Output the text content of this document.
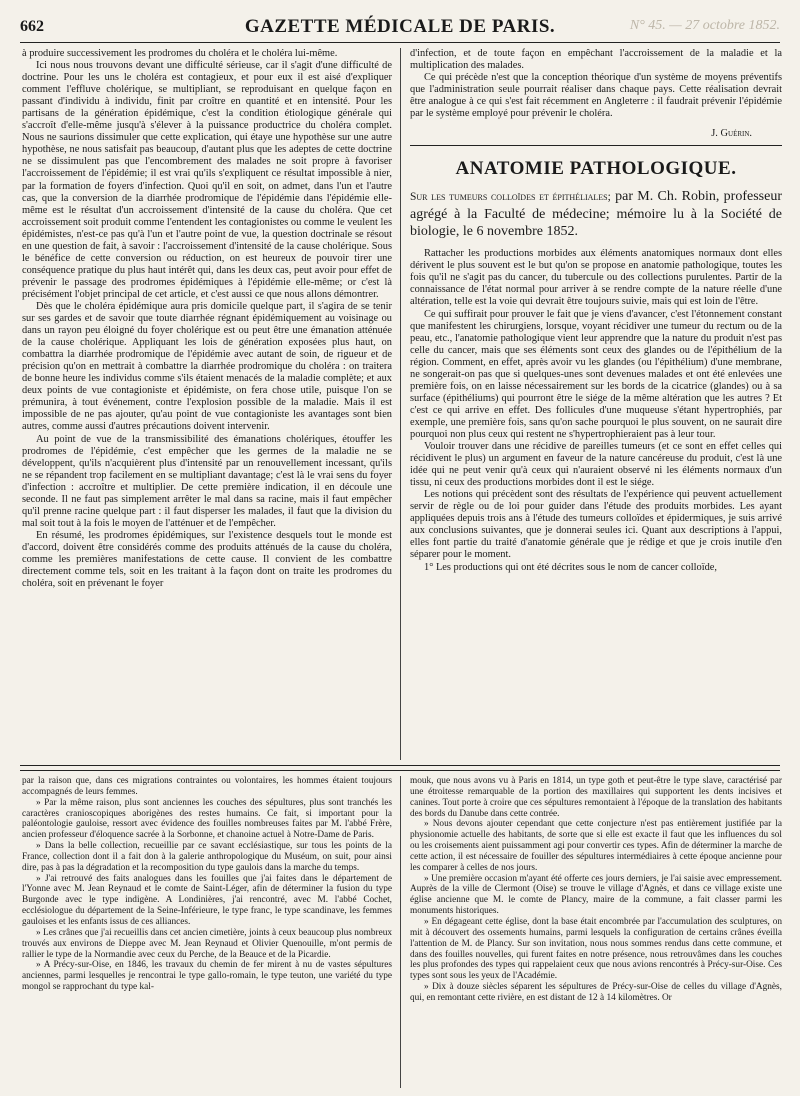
662	GAZETTE MÉDICALE DE PARIS.	N° 45. — 27 octobre 1852.

à produire successivement les prodromes du choléra et le choléra lui-même.

Ici nous nous trouvons devant une difficulté sérieuse, car il s'agit d'une difficulté de doctrine. Pour les uns le choléra est contagieux, et pour eux il est aisé d'expliquer comment l'effluve cholérique, se multipliant, se reproduisant en quelque façon en passant d'individu à individu, finit par croître en quantité et en intensité. Pour les partisans de la génération épidémique, c'est la condition étiologique générale qui s'accroît d'elle-même jusqu'à s'élever à la puissance productrice du choléra complet. Nous ne saurions dissimuler que cette explication, qui étaye une hypothèse sur une autre hypothèse, ne nous satisfait pas beaucoup, d'autant plus que les adeptes de cette doctrine ne se dissimulent pas que l'encombrement des malades ne soit propre à favoriser l'accroissement de l'épidémie; il est vrai qu'ils s'expliquent ce résultat impossible à nier, par la formation de foyers d'infection. Quoi qu'il en soit, on admet, dans l'un et l'autre cas, que la conversion de la diarrhée prodromique de l'épidémie dans l'épidémie elle-même est le résultat d'un accroissement d'intensité de la cause du choléra. Que cet accroissement soit produit comme l'entendent les contagionistes ou comme le veulent les épidémistes, n'est-ce pas qu'à l'un et l'autre point de vue, la question doctrinale se résout en une question de fait, à savoir : l'accroissement d'intensité de la cause cholérique. Sous le bénéfice de cette conversion ou réduction, on est heureux de pouvoir tirer une conséquence pratique du plus haut intérêt qui, dans les deux cas, peut avoir pour effet de prévenir le passage des prodromes épidémiques à l'épidémie elle-même; or c'est là précisément l'objet principal de cet article, et c'est aussi ce que nous allons démontrer.

Dès que le choléra épidémique aura pris domicile quelque part, il s'agira de se tenir sur ses gardes et de savoir que toute diarrhée régnant épidémiquement au voisinage ou dans un rayon peu éloigné du foyer cholérique est ou peut être une émanation atténuée de la cause cholérique. Appliquant les lois de génération exposées plus haut, on combattra la diarrhée prodromique de l'épidémie avec autant de soin, de rigueur et de précision qu'on en mettrait à combattre la diarrhée prodromique du choléra : on traitera de bonne heure les individus comme s'ils étaient menacés de la maladie complète; et aux deux points de vue contagioniste et épidémiste, on fera chose utile, puisque l'on se prémunira, à tout événement, contre l'explosion possible de la maladie. Mais il est impossible de ne pas ajouter, qu'au point de vue contagioniste les avantages sont bien autres, comme aussi d'autres précautions doivent intervenir.

Au point de vue de la transmissibilité des émanations cholériques, étouffer les prodromes de l'épidémie, c'est empêcher que les germes de la maladie ne se développent, qu'ils n'acquièrent plus d'intensité par un renouvellement incessant, qu'ils ne se répandent trop facilement en se multipliant davantage; c'est là le vrai sens du foyer d'infection : accroître et multiplier. De cette première indication, il en découle une seconde. Il ne faut pas simplement arrêter le mal dans sa racine, mais il faut empêcher qu'il prenne racine quelque part : il faut disperser les malades, il faut que la division du mal soit tout à la fois le moyen de l'atténuer et de l'empêcher.

En résumé, les prodromes épidémiques, sur l'existence desquels tout le monde est d'accord, doivent être considérés comme des produits atténués de la cause du choléra, comme les premières manifestations de cette cause. Il convient de les combattre directement comme tels, soit en les traitant à la façon dont on traite les prodromes du choléra, soit en prévenant le foyer

d'infection, et de toute façon en empêchant l'accroissement de la maladie et la multiplication des malades.

Ce qui précède n'est que la conception théorique d'un système de moyens préventifs que l'administration seule pourrait réaliser dans chaque pays. Cette réalisation devrait être analogue à ce qui s'est fait récemment en Angleterre : il faudrait prévenir l'épidémie par le système employé pour prévenir le choléra.

J. Guérin.
ANATOMIE PATHOLOGIQUE.
Sur les tumeurs colloïdes et épithéliales; par M. Ch. Robin, professeur agrégé à la Faculté de médecine; mémoire lu à la Société de biologie, le 6 novembre 1852.

Rattacher les productions morbides aux éléments anatomiques normaux dont elles dérivent le plus souvent est le but qu'on se propose en anatomie pathologique, toutes les fois qu'il ne s'agit pas du cancer, du tubercule ou des collections purulentes. Partir de la connaissance de l'état normal pour arriver à se rendre compte de la nature réelle d'une altération, telle est la voie qui devrait être toujours suivie, mais qui est loin de l'être.

Ce qui suffirait pour prouver le fait que je viens d'avancer, c'est l'étonnement constant que manifestent les chirurgiens, lorsque, voyant récidiver une tumeur du rectum ou de la peau, etc., l'anatomie pathologique vient leur apprendre que la nature du produit n'est pas celle du cancer, mais que ses éléments sont ceux des glandes ou de l'épithélium de la région. Comment, en effet, après avoir vu les glandes (ou l'épithélium) d'une membrane, ne songerait-on pas que si quelques-unes sont devenues malades et ont été enlevées une première fois, on en laisse nécessairement sur les bords de la cicatrice (glandes) ou à sa surface (épithéliums) qui pourront être le siége de la même altération que les autres ? Et c'est ce qui arrive en effet. Des follicules d'une muqueuse s'étant hypertrophiés, par exemple, une première fois, sans qu'on sache pourquoi le plus souvent, on ne saurait dire pourquoi non plus ceux qui restent ne s'hypertrophieraient pas à leur tour.

Vouloir trouver dans une récidive de pareilles tumeurs (et ce sont en effet celles qui récidivent le plus) un argument en faveur de la nature cancéreuse du produit, c'est là une idée qui ne peut venir qu'à ceux qui n'auraient observé ni les éléments normaux d'un tissu, ni ceux des productions morbides dont il est le siége.

Les notions qui précèdent sont des résultats de l'expérience qui peuvent actuellement servir de règle ou de loi pour guider dans l'étude des produits morbides. Les ayant appliquées depuis trois ans à l'étude des tumeurs colloïdes et épidermiques, je suis arrivé aux conclusions suivantes, que je donnerai seules ici. Quant aux descriptions à l'appui, elles font partie du traité d'anatomie générale que je rédige et que je crois inutile d'en séparer pour le moment.

1° Les productions qui ont été décrites sous le nom de cancer colloïde,

par la raison que, dans ces migrations contraintes ou volontaires, les hommes étaient toujours accompagnés de leurs femmes.

» Par la même raison, plus sont anciennes les couches des sépultures, plus sont tranchés les caractères cranioscopiques aborigènes des restes humains. Ce fait, si important pour la paléontologie gauloise, ressort avec évidence des fouilles nombreuses faites par M. l'abbé Frère, ancien professeur d'éloquence sacrée à la Sorbonne, et chanoine actuel à Notre-Dame de Paris.

» Dans la belle collection, recueillie par ce savant ecclésiastique, sur tous les points de la France, collection dont il a fait don à la galerie anthropologique du Muséum, on suit, pour ainsi dire, pas à pas la dégradation et la recomposition du type gaulois dans la marche du temps.

» J'ai retrouvé des faits analogues dans les fouilles que j'ai faites dans le département de l'Yonne avec M. Jean Reynaud et le comte de Saint-Léger, afin de déterminer la fusion du type Burgonde avec le type indigène. A Londinières, j'ai rencontré, avec M. l'abbé Cochet, ecclésiologue du département de la Seine-Inférieure, le type franc, le type scandinave, les femmes gauloises et les enfants issus de ces alliances.

» Les crânes que j'ai recueillis dans cet ancien cimetière, joints à ceux beaucoup plus nombreux trouvés aux environs de Dieppe avec M. Jean Reynaud et Olivier Quenouille, m'ont permis de rallier le type de la Normandie avec ceux du Perche, de la Beauce et de la Picardie.

» A Précy-sur-Oise, en 1846, les travaux du chemin de fer mirent à nu de vastes sépultures anciennes, parmi lesquelles je rencontrai le type gallo-romain, le type teuton, une variété du type mongol se rapprochant du type kal-

mouk, que nous avons vu à Paris en 1814, un type goth et peut-être le type slave, caractérisé par une étroitesse remarquable de la portion des maxillaires qui supportent les dents incisives et canines. Tout porte à croire que ces sépultures remontaient à l'époque de la translation des habitants des bords du Danube dans cette contrée.

» Nous devons ajouter cependant que cette conjecture n'est pas entièrement justifiée par la physionomie actuelle des habitants, de sorte que si elle est exacte il faut que les influences du sol ou les croisements aient puissamment agi pour convertir ces types. Afin de déterminer la marche de cette action, il est nécessaire de fouiller des sépultures intermédiaires à cette époque ancienne pour les comparer à celles de nos jours.

» Une première occasion m'ayant été offerte ces jours derniers, je l'ai saisie avec empressement. Auprès de la ville de Clermont (Oise) se trouve le village d'Agnès, et dans ce village existe une église ancienne que M. le comte de Plancy, maire de la commune, a fait classer parmi les monuments historiques.

» En dégageant cette église, dont la base était encombrée par l'accumulation des sculptures, on mit à découvert des ossements humains, parmi lesquels la configuration de certains crânes éveilla l'attention de M. de Plancy. Sur son invitation, nous nous sommes rendus dans cette commune, et dans des fouilles nouvelles, qui furent faites en notre présence, nous retrouvâmes dans les couches les plus profondes des types qui rappelaient ceux que nous avions rencontrés à Précy-sur-Oise. Ces types sont sous les yeux de l'Académie.

» Dix à douze siècles séparent les sépultures de Précy-sur-Oise de celles du village d'Agnès, qui, en remontant cette rivière, en est distant de 12 à 14 kilomètres. Or
